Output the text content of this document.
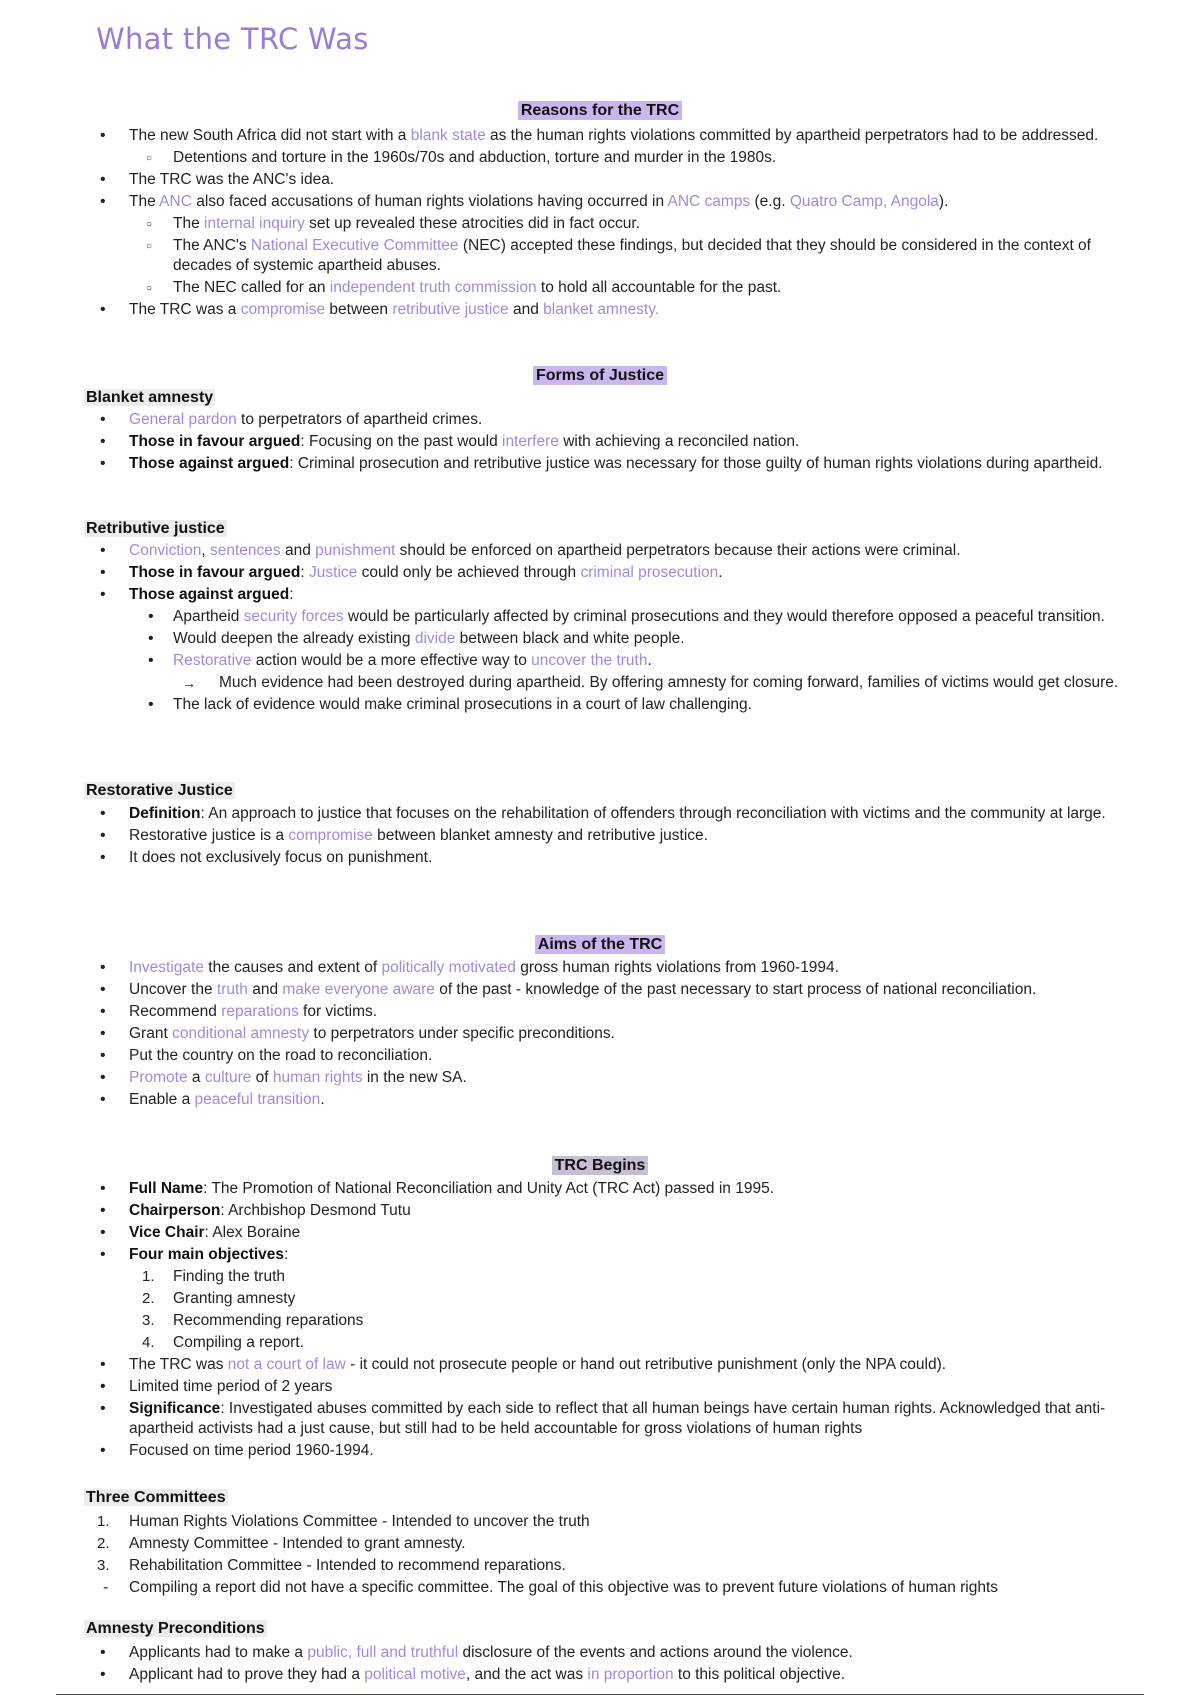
What the TRC Was
Reasons for the TRC
• The new South Africa did not start with a blank state as the human rights violations committed by apartheid perpetrators had to be addressed.
○ Detentions and torture in the 1960s/70s and abduction, torture and murder in the 1980s.
• The TRC was the ANC's idea.
• The ANC also faced accusations of human rights violations having occurred in ANC camps (e.g. Quatro Camp, Angola).
○ The internal inquiry set up revealed these atrocities did in fact occur.
○ The ANC's National Executive Committee (NEC) accepted these findings, but decided that they should be considered in the context of decades of systemic apartheid abuses.
○ The NEC called for an independent truth commission to hold all accountable for the past.
• The TRC was a compromise between retributive justice and blanket amnesty.
Forms of Justice
Blanket amnesty
• General pardon to perpetrators of apartheid crimes.
• Those in favour argued: Focusing on the past would interfere with achieving a reconciled nation.
• Those against argued: Criminal prosecution and retributive justice was necessary for those guilty of human rights violations during apartheid.
Retributive justice
• Conviction, sentences and punishment should be enforced on apartheid perpetrators because their actions were criminal.
• Those in favour argued: Justice could only be achieved through criminal prosecution.
• Those against argued:
• Apartheid security forces would be particularly affected by criminal prosecutions and they would therefore opposed a peaceful transition.
• Would deepen the already existing divide between black and white people.
• Restorative action would be a more effective way to uncover the truth.
→ Much evidence had been destroyed during apartheid. By offering amnesty for coming forward, families of victims would get closure.
• The lack of evidence would make criminal prosecutions in a court of law challenging.
Restorative Justice
• Definition: An approach to justice that focuses on the rehabilitation of offenders through reconciliation with victims and the community at large.
• Restorative justice is a compromise between blanket amnesty and retributive justice.
• It does not exclusively focus on punishment.
Aims of the TRC
• Investigate the causes and extent of politically motivated gross human rights violations from 1960-1994.
• Uncover the truth and make everyone aware of the past - knowledge of the past necessary to start process of national reconciliation.
• Recommend reparations for victims.
• Grant conditional amnesty to perpetrators under specific preconditions.
• Put the country on the road to reconciliation.
• Promote a culture of human rights in the new SA.
• Enable a peaceful transition.
TRC Begins
• Full Name: The Promotion of National Reconciliation and Unity Act (TRC Act) passed in 1995.
• Chairperson: Archbishop Desmond Tutu
• Vice Chair: Alex Boraine
• Four main objectives:
1. Finding the truth
2. Granting amnesty
3. Recommending reparations
4. Compiling a report.
• The TRC was not a court of law - it could not prosecute people or hand out retributive punishment (only the NPA could).
• Limited time period of 2 years
• Significance: Investigated abuses committed by each side to reflect that all human beings have certain human rights. Acknowledged that anti-apartheid activists had a just cause, but still had to be held accountable for gross violations of human rights
• Focused on time period 1960-1994.
Three Committees
1. Human Rights Violations Committee - Intended to uncover the truth
2. Amnesty Committee - Intended to grant amnesty.
3. Rehabilitation Committee - Intended to recommend reparations.
- Compiling a report did not have a specific committee. The goal of this objective was to prevent future violations of human rights
Amnesty Preconditions
• Applicants had to make a public, full and truthful disclosure of the events and actions around the violence.
• Applicant had to prove they had a political motive, and the act was in proportion to this political objective.
